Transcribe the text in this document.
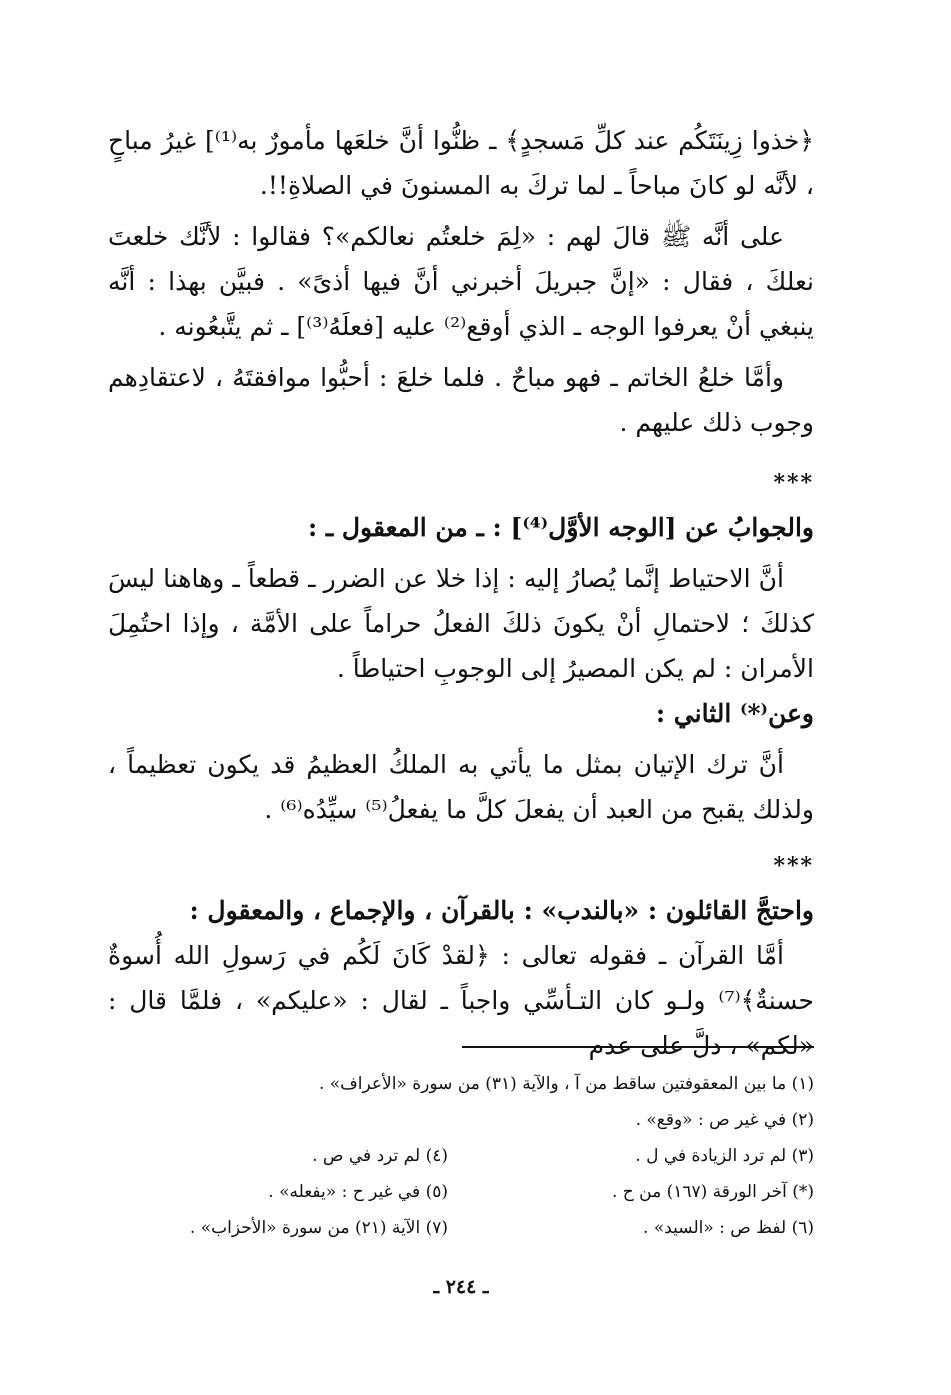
﴿خذوا زِينَتَكُم عند كلِّ مَسجدٍ﴾ ـ ظنُّوا أنَّ خلعَها مأمورٌ به⁽¹⁾] غيرُ مباحٍ ، لأنَّه لو كانَ مباحاً ـ لما تركَ به المسنونَ في الصلاةِ!!.

على أنَّه ﷺ قالَ لهم : «لِمَ خلعتُم نعالكم»؟ فقالوا : لأنَّك خلعتَ نعلكَ ، فقال : «إنَّ جبريلَ أخبرني أنَّ فيها أذىً» . فبيَّن بهذا : أنَّه ينبغي أنْ يعرفوا الوجه ـ الذي أوقع⁽²⁾ عليه [فعلَهُ⁽³⁾] ـ ثم يتَّبعُونه .

وأمَّا خلعُ الخاتم ـ فهو مباحٌ . فلما خلعَ : أحبُّوا موافقتَهُ ، لاعتقادِهم وجوب ذلك عليهم .

***

والجوابُ عن [الوجه الأوَّل⁽⁴⁾] : ـ من المعقول ـ :

أنَّ الاحتياط إنَّما يُصارُ إليه : إذا خلا عن الضرر ـ قطعاً ـ وهاهنا ليسَ كذلكَ ؛ لاحتمالِ أنْ يكونَ ذلكَ الفعلُ حراماً على الأمَّة ، وإذا احتُمِلَ الأمران : لم يكن المصيرُ إلى الوجوبِ احتياطاً .

وعن⁽*⁾ الثاني :

أنَّ ترك الإتيان بمثل ما يأتي به الملكُ العظيمُ قد يكون تعظيماً ، ولذلك يقبح من العبد أن يفعلَ كلَّ ما يفعلُ⁽⁵⁾ سيِّدُه⁽⁶⁾ .

***

واحتجَّ القائلون : «بالندب» : بالقرآن ، والإجماع ، والمعقول :

أمَّا القرآن ـ فقوله تعالى : ﴿لقدْ كَانَ لَكُم في رَسولِ الله أُسوةٌ حسنةٌ﴾⁽⁷⁾ ولـو كان التـأسِّي واجباً ـ لقال : «عليكم» ، فلمَّا قال : «لكم» ، دلَّ على عدم

(١) ما بين المعقوفتين ساقط من آ ، والآية (٣١) من سورة «الأعراف» .
(٢) في غير ص : «وقع» .
(٣) لم ترد الزيادة في ل .
(٤) لم ترد في ص .
(*) آخر الورقة (١٦٧) من ح .
(٥) في غير ح : «يفعله» .
(٦) لفظ ص : «السيد» .
(٧) الآية (٢١) من سورة «الأحزاب» .
ـ ٢٤٤ ـ
